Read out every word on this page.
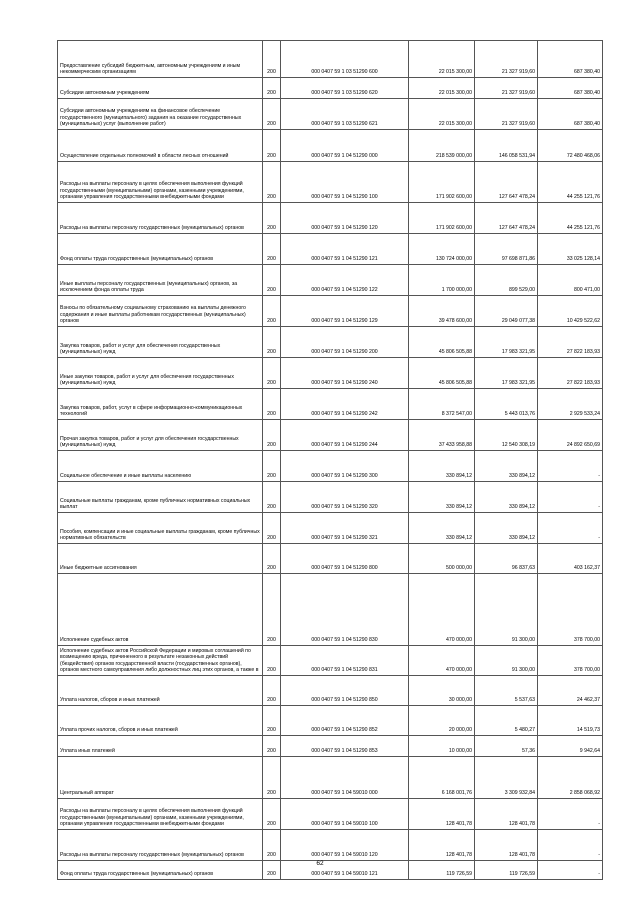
Предоставление субсидий бюджетным, автономным учреждениям и иным некоммерческим организациям	200	000 0407 59 1 03 51290 600	22 015 300,00	21 327 919,60	687 380,40
Субсидии автономным учреждениям	200	000 0407 59 1 03 51290 620	22 015 300,00	21 327 919,60	687 380,40
Субсидии автономным учреждениям на финансовое обеспечение государственного (муниципального) задания на оказание государственных (муниципальных) услуг (выполнение работ)	200	000 0407 59 1 03 51290 621	22 015 300,00	21 327 919,60	687 380,40
Осуществление отдельных полномочий в области лесных отношений	200	000 0407 59 1 04 51290 000	218 539 000,00	146 058 531,94	72 480 468,06
Расходы на выплаты персоналу в целях обеспечения выполнения функций государственными (муниципальными) органами, казенными учреждениями, органами управления государственными внебюджетными фондами	200	000 0407 59 1 04 51290 100	171 902 600,00	127 647 478,24	44 255 121,76
Расходы на выплаты персоналу государственных (муниципальных) органов	200	000 0407 59 1 04 51290 120	171 902 600,00	127 647 478,24	44 255 121,76
Фонд оплаты труда государственных (муниципальных) органов	200	000 0407 59 1 04 51290 121	130 724 000,00	97 698 871,86	33 025 128,14
Иные выплаты персоналу государственных (муниципальных) органов, за исключением фонда оплаты труда	200	000 0407 59 1 04 51290 122	1 700 000,00	899 529,00	800 471,00
Взносы по обязательному социальному страхованию на выплаты денежного содержания и иные выплаты работникам государственных (муниципальных) органов	200	000 0407 59 1 04 51290 129	39 478 600,00	29 049 077,38	10 429 522,62
Закупка товаров, работ и услуг для обеспечения государственных (муниципальных) нужд	200	000 0407 59 1 04 51290 200	45 806 505,88	17 983 321,95	27 822 183,93
Иные закупки товаров, работ и услуг для обеспечения государственных (муниципальных) нужд	200	000 0407 59 1 04 51290 240	45 806 505,88	17 983 321,95	27 822 183,93
Закупка товаров, работ, услуг в сфере информационно-коммуникационных технологий	200	000 0407 59 1 04 51290 242	8 372 547,00	5 443 013,76	2 929 533,24
Прочая закупка товаров, работ и услуг для обеспечения государственных (муниципальных) нужд	200	000 0407 59 1 04 51290 244	37 433 958,88	12 540 308,19	24 892 650,69
Социальное обеспечение и иные выплаты населению	200	000 0407 59 1 04 51290 300	330 894,12	330 894,12	-
Социальные выплаты гражданам, кроме публичных нормативных социальных выплат	200	000 0407 59 1 04 51290 320	330 894,12	330 894,12	-
Пособия, компенсации и иные социальные выплаты гражданам, кроме публичных нормативных обязательств	200	000 0407 59 1 04 51290 321	330 894,12	330 894,12	-
Иные бюджетные ассигнования	200	000 0407 59 1 04 51290 800	500 000,00	96 837,63	403 162,37
Исполнение судебных актов	200	000 0407 59 1 04 51290 830	470 000,00	91 300,00	378 700,00
Исполнение судебных актов Российской Федерации и мировых соглашений по возмещению вреда, причиненного в результате незаконных действий (бездействия) органов государственной власти (государственных органов), органов местного самоуправления либо должностных лиц этих органов, а также в	200	000 0407 59 1 04 51290 831	470 000,00	91 300,00	378 700,00
Уплата налогов, сборов и иных платежей	200	000 0407 59 1 04 51290 850	30 000,00	5 537,63	24 462,37
Уплата прочих налогов, сборов и иных платежей	200	000 0407 59 1 04 51290 852	20 000,00	5 480,27	14 519,73
Уплата иных платежей	200	000 0407 59 1 04 51290 853	10 000,00	57,36	9 942,64
Центральный аппарат	200	000 0407 59 1 04 59010 000	6 168 001,76	3 309 932,84	2 858 068,92
Расходы на выплаты персоналу в целях обеспечения выполнения функций государственными (муниципальными) органами, казенными учреждениями, органами управления государственными внебюджетными фондами	200	000 0407 59 1 04 59010 100	128 401,78	128 401,78	-
Расходы на выплаты персоналу государственных (муниципальных) органов	200	000 0407 59 1 04 59010 120	128 401,78	128 401,78	-
Фонд оплаты труда государственных (муниципальных) органов	200	000 0407 59 1 04 59010 121	119 726,59	119 726,59	-
62
